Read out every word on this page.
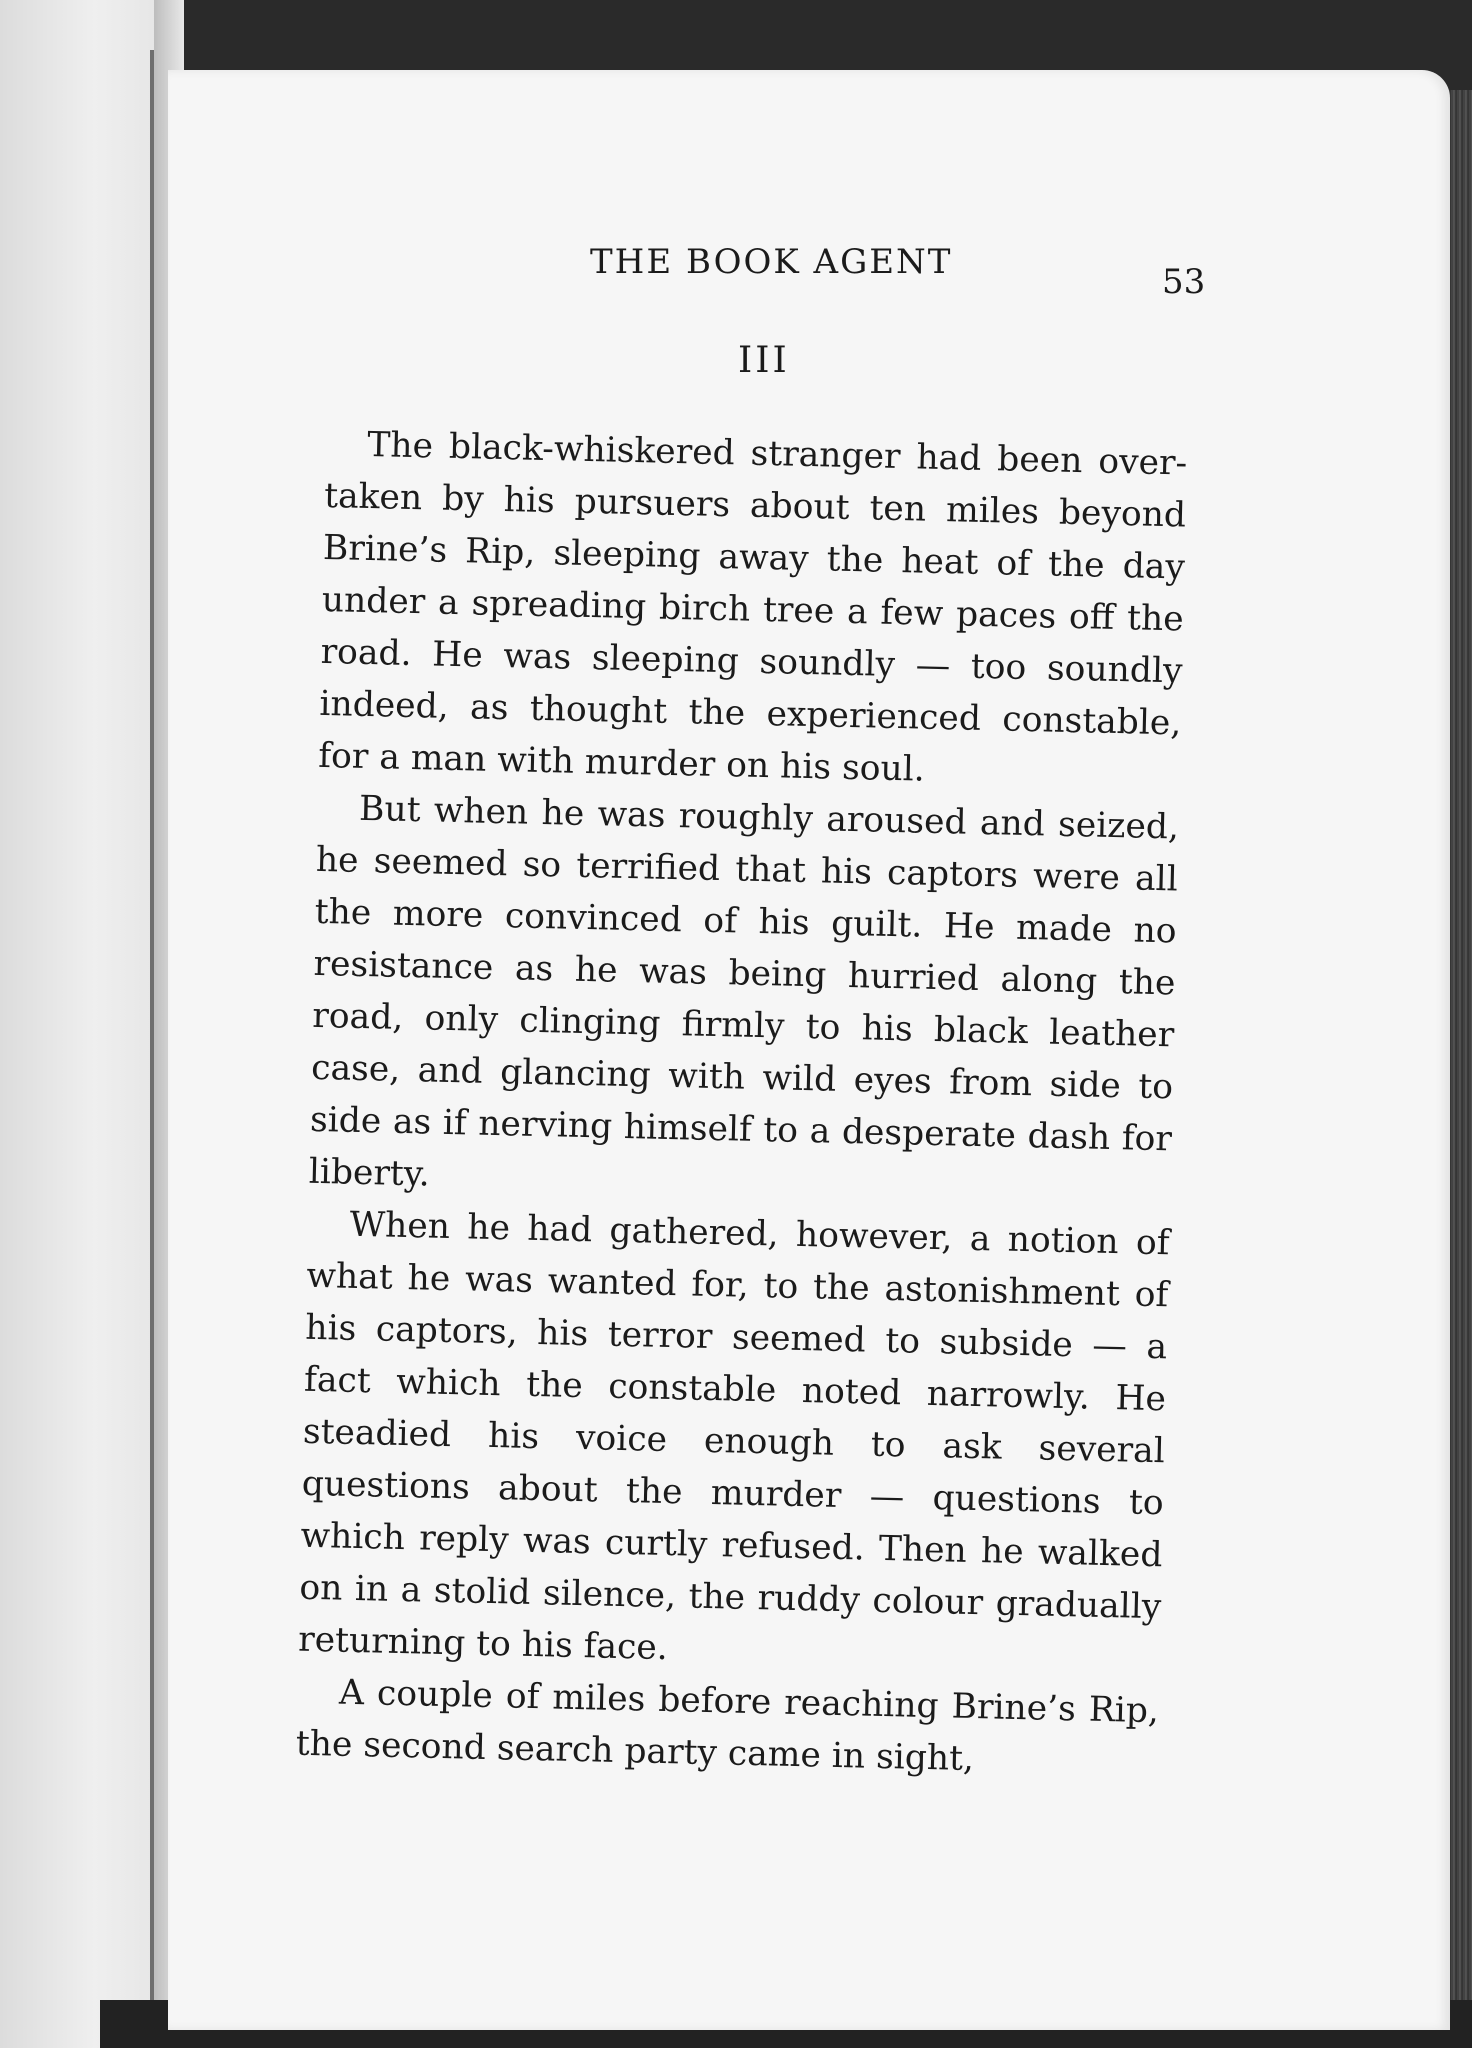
THE BOOK AGENT	53
III

The black-whiskered stranger had been over-taken by his pursuers about ten miles beyond Brine’s Rip, sleeping away the heat of the day under a spreading birch tree a few paces off the road. He was sleeping soundly — too soundly indeed, as thought the experienced constable, for a man with murder on his soul.

But when he was roughly aroused and seized, he seemed so terrified that his captors were all the more convinced of his guilt. He made no resistance as he was being hurried along the road, only clinging firmly to his black leather case, and glancing with wild eyes from side to side as if nerving himself to a desperate dash for liberty.

When he had gathered, however, a notion of what he was wanted for, to the astonishment of his captors, his terror seemed to subside — a fact which the constable noted narrowly. He steadied his voice enough to ask several questions about the murder — questions to which reply was curtly refused. Then he walked on in a stolid silence, the ruddy colour gradually returning to his face.

A couple of miles before reaching Brine’s Rip, the second search party came in sight,
